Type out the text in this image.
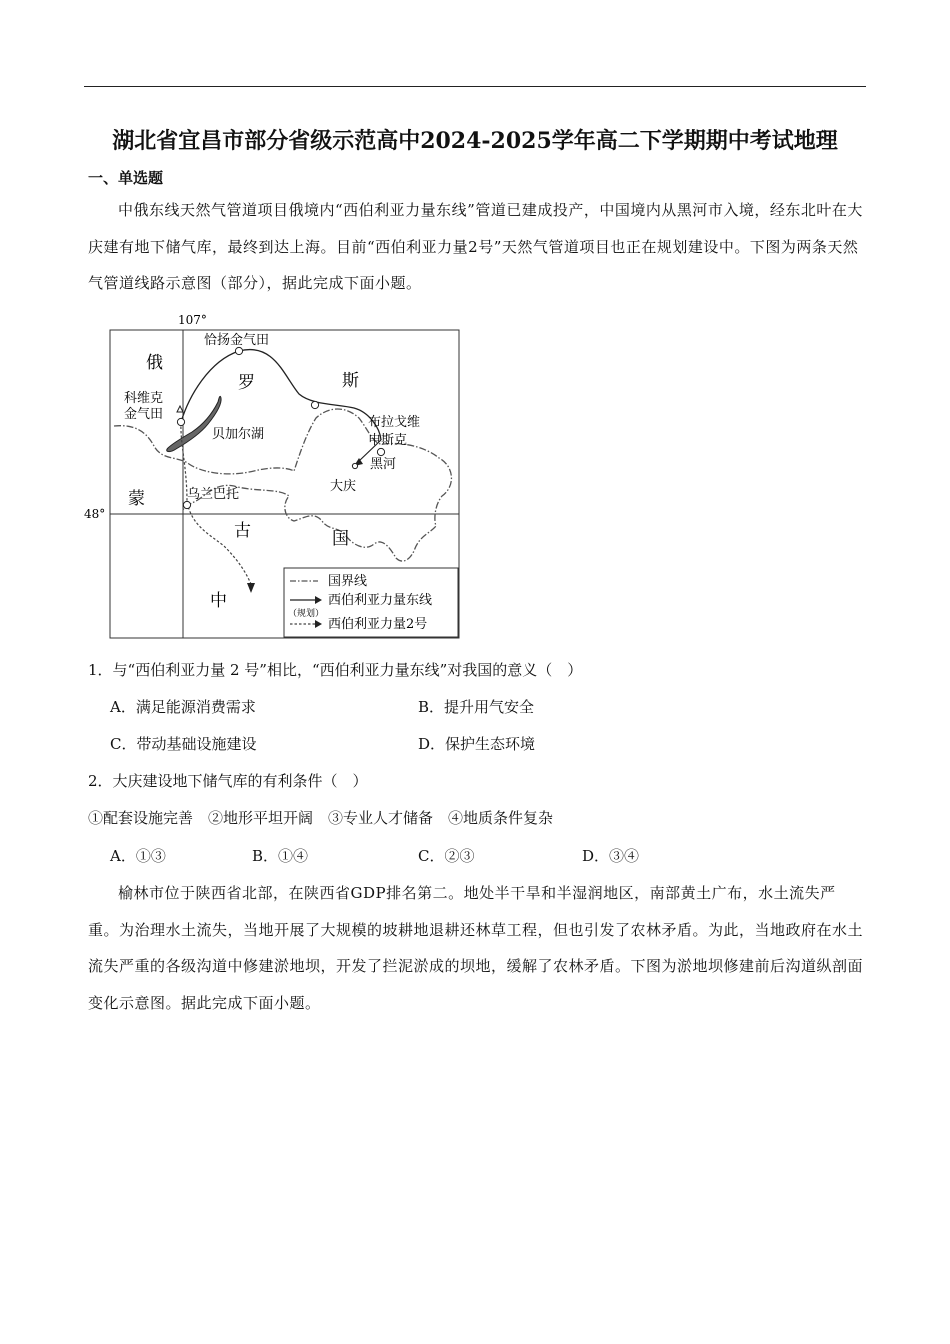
湖北省宜昌市部分省级示范高中2024-2025学年高二下学期期中考试地理
一、单选题
中俄东线天然气管道项目俄境内“西伯利亚力量东线”管道已建成投产，中国境内从黑河市入境，经东北叶在大庆建有地下储气库，最终到达上海。目前“西伯利亚力量2号”天然气管道项目也正在规划建设中。下图为两条天然气管道线路示意图（部分），据此完成下面小题。
107°
48°
俄
罗	斯
蒙
古	国
中
恰扬金气田
科维克
金气田
贝加尔湖
布拉戈维
申斯克
黑河
大庆
乌兰巴托
国界线
西伯利亚力量东线
（规划）
西伯利亚力量2号
1．与“西伯利亚力量 2 号”相比，“西伯利亚力量东线”对我国的意义（　）
A．满足能源消费需求	B．提升用气安全
C．带动基础设施建设	D．保护生态环境
2．大庆建设地下储气库的有利条件（　）
①配套设施完善　②地形平坦开阔　③专业人才储备　④地质条件复杂
A．①③	B．①④	C．②③	D．③④
榆林市位于陕西省北部，在陕西省GDP排名第二。地处半干旱和半湿润地区，南部黄土广布，水土流失严重。为治理水土流失，当地开展了大规模的坡耕地退耕还林草工程，但也引发了农林矛盾。为此，当地政府在水土流失严重的各级沟道中修建淤地坝，开发了拦泥淤成的坝地，缓解了农林矛盾。下图为淤地坝修建前后沟道纵剖面变化示意图。据此完成下面小题。
